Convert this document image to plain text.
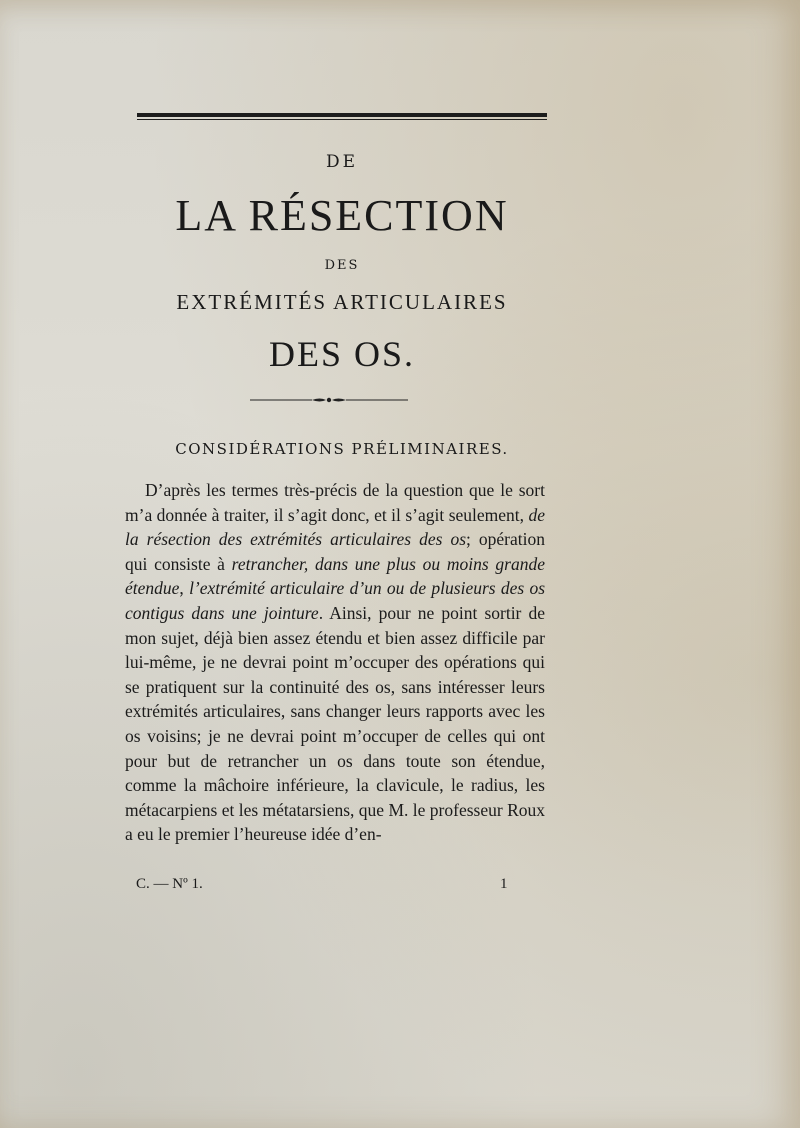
DE
LA RÉSECTION
DES
EXTRÉMITÉS ARTICULAIRES
DES OS.
CONSIDÉRATIONS PRÉLIMINAIRES.

D’après les termes très-précis de la question que le sort m’a donnée à traiter, il s’agit donc, et il s’agit seulement, de la résection des extrémités articulaires des os; opération qui consiste à retrancher, dans une plus ou moins grande étendue, l’extrémité articulaire d’un ou de plusieurs des os contigus dans une jointure. Ainsi, pour ne point sortir de mon sujet, déjà bien assez étendu et bien assez difficile par lui-même, je ne devrai point m’occuper des opérations qui se pratiquent sur la continuité des os, sans intéresser leurs extrémités articulaires, sans changer leurs rapports avec les os voisins; je ne devrai point m’occuper de celles qui ont pour but de retrancher un os dans toute son étendue, comme la mâchoire inférieure, la clavicule, le radius, les métacarpiens et les métatarsiens, que M. le professeur Roux a eu le premier l’heureuse idée d’en-

C. — Nº 1.	1
